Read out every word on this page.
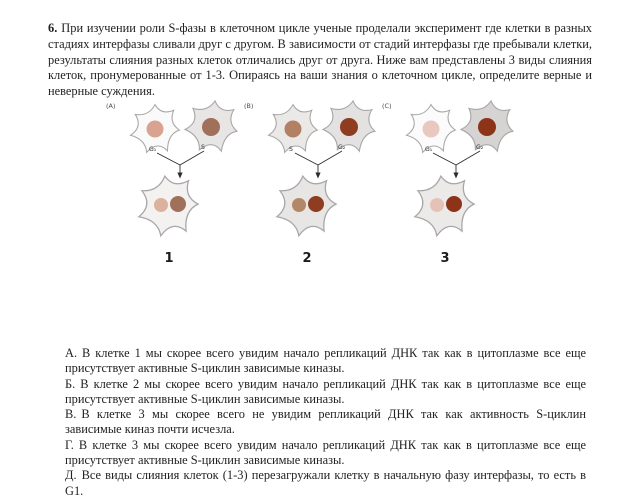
6. При изучении роли S-фазы в клеточном цикле ученые проделали эксперимент где клетки в разных стадиях интерфазы сливали друг с другом. В зависимости от стадий интерфазы где пребывали клетки, результаты слияния разных клеток отличались друг от друга. Ниже вам представлены 3 виды слияния клеток, пронумерованные от 1-3. Опираясь на ваши знания о клеточном цикле, определите верные и неверные суждения.

(A)
G₁	S
1
(B)
S	G₂
2
(C)
G₁	G₂
3

А. В клетке 1 мы скорее всего увидим начало репликаций ДНК так как в цитоплазме все еще присутствует активные S-циклин зависимые киназы.

Б. В клетке 2 мы скорее всего увидим начало репликаций ДНК так как в цитоплазме все еще присутствует активные S-циклин зависимые киназы.

В. В клетке 3 мы скорее всего не увидим репликаций ДНК так как активность S-циклин зависимые киназ почти исчезла.

Г. В клетке 3 мы скорее всего увидим начало репликаций ДНК так как в цитоплазме все еще присутствует активные S-циклин зависимые киназы.

Д. Все виды слияния клеток (1-3) перезагружали клетку в начальную фазу интерфазы, то есть в G1.
